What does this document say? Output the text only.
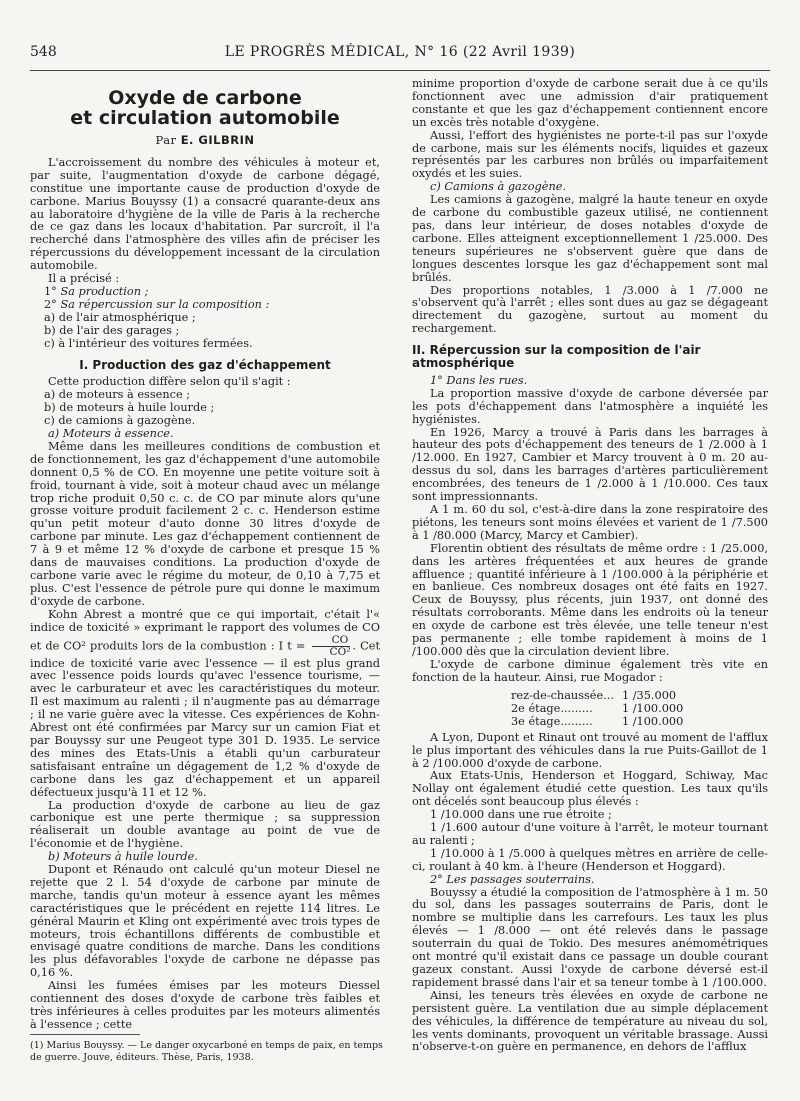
548	LE PROGRÈS MÉDICAL, N° 16 (22 Avril 1939)
Oxyde de carbone
et circulation automobile
Par E. GILBRIN

L'accroissement du nombre des véhicules à moteur et, par suite, l'augmentation d'oxyde de carbone dégagé, constitue une importante cause de production d'oxyde de carbone. Marius Bouyssy (1) a consacré quarante-deux ans au laboratoire d'hygiène de la ville de Paris à la recherche de ce gaz dans les locaux d'habitation. Par surcroît, il l'a recherché dans l'atmosphère des villes afin de préciser les répercussions du développement incessant de la circulation automobile.

Il a précisé :

1° Sa production ;

2° Sa répercussion sur la composition :

a) de l'air atmosphérique ;

b) de l'air des garages ;

c) à l'intérieur des voitures fermées.

I. Production des gaz d'échappement

Cette production diffère selon qu'il s'agit :

a) de moteurs à essence ;

b) de moteurs à huile lourde ;

c) de camions à gazogène.

a) Moteurs à essence.

Même dans les meilleures conditions de combustion et de fonctionnement, les gaz d'échappement d'une automobile donnent 0,5 % de CO. En moyenne une petite voiture soit à froid, tournant à vide, soit à moteur chaud avec un mélange trop riche produit 0,50 c. c. de CO par minute alors qu'une grosse voiture produit facilement 2 c. c. Henderson estime qu'un petit moteur d'auto donne 30 litres d'oxyde de carbone par minute. Les gaz d'échappement contiennent de 7 à 9 et même 12 % d'oxyde de carbone et presque 15 % dans de mauvaises conditions. La production d'oxyde de carbone varie avec le régime du moteur, de 0,10 à 7,75 et plus. C'est l'essence de pétrole pure qui donne le maximum d'oxyde de carbone.

Kohn Abrest a montré que ce qui importait, c'était l'« indice de toxicité » exprimant le rapport des volumes de CO et de CO² produits lors de la combustion : I $t = \frac{CO}{\text{CO²}}$ . Cet indice de toxicité varie avec l'essence — il est plus grand avec l'essence poids lourds qu'avec l'essence tourisme, — avec le carburateur et avec les caractéristiques du moteur. Il est maximum au ralenti ; il n'augmente pas au démarrage ; il ne varie guère avec la vitesse. Ces expériences de Kohn-Abrest ont été confirmées par Marcy sur un camion Fiat et par Bouyssy sur une Peugeot type 301 D. 1935. Le service des mines des Etats-Unis a établi qu'un carburateur satisfaisant entraîne un dégagement de 1,2 % d'oxyde de carbone dans les gaz d'échappement et un appareil défectueux jusqu'à 11 et 12 %.

La production d'oxyde de carbone au lieu de gaz carbonique est une perte thermique ; sa suppression réaliserait un double avantage au point de vue de l'économie et de l'hygiène.

b) Moteurs à huile lourde.

Dupont et Rénaudo ont calculé qu'un moteur Diesel ne rejette que 2 l. 54 d'oxyde de carbone par minute de marche, tandis qu'un moteur à essence ayant les mêmes caractéristiques que le précédent en rejette 114 litres. Le général Maurin et Kling ont expérimenté avec trois types de moteurs, trois échantillons différents de combustible et envisagé quatre conditions de marche. Dans les conditions les plus défavorables l'oxyde de carbone ne dépasse pas 0,16 %.

Ainsi les fumées émises par les moteurs Diessel contiennent des doses d'oxyde de carbone très faibles et très inférieures à celles produites par les moteurs alimentés à l'essence ; cette

minime proportion d'oxyde de carbone serait due à ce qu'ils fonctionnent avec une admission d'air pratiquement constante et que les gaz d'échappement contiennent encore un excès très notable d'oxygène.

Aussi, l'effort des hygiénistes ne porte-t-il pas sur l'oxyde de carbone, mais sur les éléments nocifs, liquides et gazeux représentés par les carbures non brûlés ou imparfaitement oxydés et les suies.

c) Camions à gazogène.

Les camions à gazogène, malgré la haute teneur en oxyde de carbone du combustible gazeux utilisé, ne contiennent pas, dans leur intérieur, de doses notables d'oxyde de carbone. Elles atteignent exceptionnellement 1 /25.000. Des teneurs supérieures ne s'observent guère que dans de longues descentes lorsque les gaz d'échappement sont mal brûlés.

Des proportions notables, 1 /3.000 à 1 /7.000 ne s'observent qu'à l'arrêt ; elles sont dues au gaz se dégageant directement du gazogène, surtout au moment du rechargement.

II. Répercussion sur la composition de l'air atmosphérique

1° Dans les rues.

La proportion massive d'oxyde de carbone déversée par les pots d'échappement dans l'atmosphère a inquiété les hygiénistes.

En 1926, Marcy a trouvé à Paris dans les barrages à hauteur des pots d'échappement des teneurs de 1 /2.000 à 1 /12.000. En 1927, Cambier et Marcy trouvent à 0 m. 20 au-dessus du sol, dans les barrages d'artères particulièrement encombrées, des teneurs de 1 /2.000 à 1 /10.000. Ces taux sont impressionnants.

A 1 m. 60 du sol, c'est-à-dire dans la zone respiratoire des piétons, les teneurs sont moins élevées et varient de 1 /7.500 à 1 /80.000 (Marcy, Marcy et Cambier).

Florentin obtient des résultats de même ordre : 1 /25.000, dans les artères fréquentées et aux heures de grande affluence ; quantité inférieure à 1 /100.000 à la périphérie et en banlieue. Ces nombreux dosages ont été faits en 1927. Ceux de Bouyssy, plus récents, juin 1937, ont donné des résultats corroborants. Même dans les endroits où la teneur en oxyde de carbone est très élevée, une telle teneur n'est pas permanente ; elle tombe rapidement à moins de 1 /100.000 dès que la circulation devient libre.

L'oxyde de carbone diminue également très vite en fonction de la hauteur. Ainsi, rue Mogador :

rez-de-chaussée...	1 /35.000
2e étage.........	1 /100.000
3e étage.........	1 /100.000

A Lyon, Dupont et Rinaut ont trouvé au moment de l'afflux le plus important des véhicules dans la rue Puits-Gaillot de 1 à 2 /100.000 d'oxyde de carbone.

Aux Etats-Unis, Henderson et Hoggard, Schiway, Mac Nollay ont également étudié cette question. Les taux qu'ils ont décelés sont beaucoup plus élevés :

1 /10.000 dans une rue étroite ;

1 /1.600 autour d'une voiture à l'arrêt, le moteur tournant au ralenti ;

1 /10.000 à 1 /5.000 à quelques mètres en arrière de celle-ci, roulant à 40 km. à l'heure (Henderson et Hoggard).

2° Les passages souterrains.

Bouyssy a étudié la composition de l'atmosphère à 1 m. 50 du sol, dans les passages souterrains de Paris, dont le nombre se multiplie dans les carrefours. Les taux les plus élevés — 1 /8.000 — ont été relevés dans le passage souterrain du quai de Tokio. Des mesures anémométriques ont montré qu'il existait dans ce passage un double courant gazeux constant. Aussi l'oxyde de carbone déversé est-il rapidement brassé dans l'air et sa teneur tombe à 1 /100.000.

Ainsi, les teneurs très élevées en oxyde de carbone ne persistent guère. La ventilation due au simple déplacement des véhicules, la différence de température au niveau du sol, les vents dominants, provoquent un véritable brassage. Aussi n'observe-t-on guère en permanence, en dehors de l'afflux

(1) Marius Bouyssy. — Le danger oxycarboné en temps de paix, en temps de guerre. Jouve, éditeurs. Thèse, Paris, 1938.
